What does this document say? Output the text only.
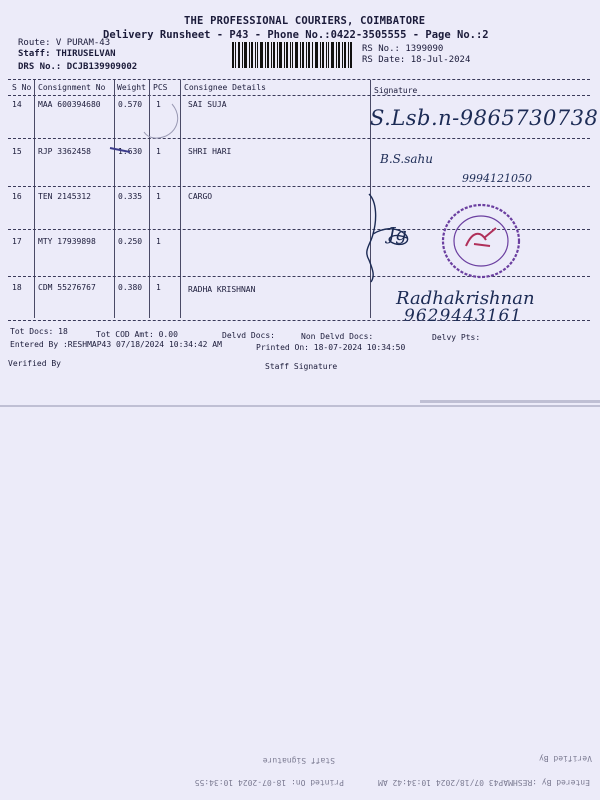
THE PROFESSIONAL COURIERS, COIMBATORE
Delivery Runsheet - P43 - Phone No.:0422-3505555 - Page No.:2
Route: V PURAM-43
Staff: THIRUSELVAN
DRS No.: DCJB139909002
RS No.: 1399090
RS Date: 18-Jul-2024
S No Consignment No Weight PCS Consignee Details	Signature
14 MAA 600394680 0.570 1	SAI SUJA
15 RJP 3362458	1.630 1	SHRI HARI
16 TEN 2145312	0.335 1	CARGO
17 MTY 17939898	0.250 1
18 CDM 55276767	0.380 1	RADHA KRISHNAN
S.Lsb.n-9865730738
B.S.sahu
9994121050
Jg
Radhakrishnan
9629443161
Tot Docs: 18	Tot COD Amt: 0.00	Delvd Docs:	Non Delvd Docs:	Delvy Pts:
Entered By :RESHMAP43 07/18/2024 10:34:42 AM	Printed On: 18-07-2024 10:34:50
Verified By	Staff Signature
Verified By
Staff Signature
Entered By :RESHMAP43 07/18/2024 10:34:42 AM
Printed On: 18-07-2024 10:34:55
